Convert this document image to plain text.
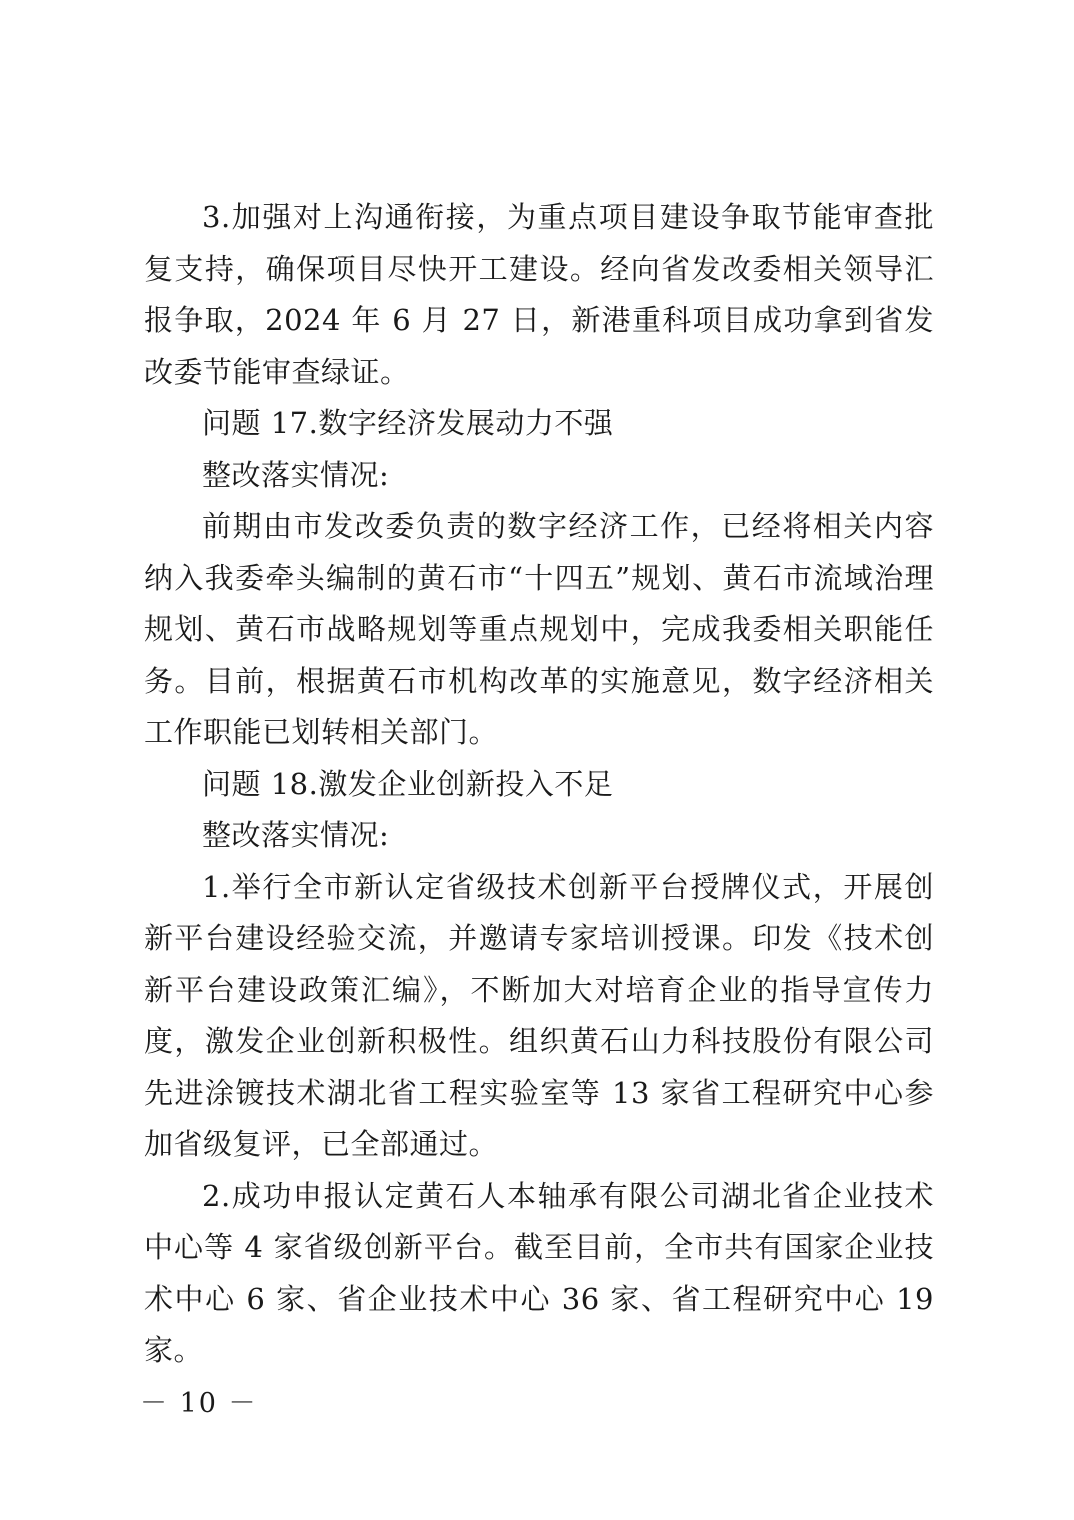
3.加强对上沟通衔接，为重点项目建设争取节能审查批复支持，确保项目尽快开工建设。经向省发改委相关领导汇报争取，2024 年 6 月 27 日，新港重科项目成功拿到省发改委节能审查绿证。

问题 17.数字经济发展动力不强

整改落实情况:

前期由市发改委负责的数字经济工作，已经将相关内容纳入我委牵头编制的黄石市“十四五”规划、黄石市流域治理规划、黄石市战略规划等重点规划中，完成我委相关职能任务。目前，根据黄石市机构改革的实施意见，数字经济相关工作职能已划转相关部门。

问题 18.激发企业创新投入不足

整改落实情况:

1.举行全市新认定省级技术创新平台授牌仪式，开展创新平台建设经验交流，并邀请专家培训授课。印发《技术创新平台建设政策汇编》，不断加大对培育企业的指导宣传力度，激发企业创新积极性。组织黄石山力科技股份有限公司先进涂镀技术湖北省工程实验室等 13 家省工程研究中心参加省级复评，已全部通过。

2.成功申报认定黄石人本轴承有限公司湖北省企业技术中心等 4 家省级创新平台。截至目前，全市共有国家企业技术中心 6 家、省企业技术中心 36 家、省工程研究中心 19 家。

－ 10 －
